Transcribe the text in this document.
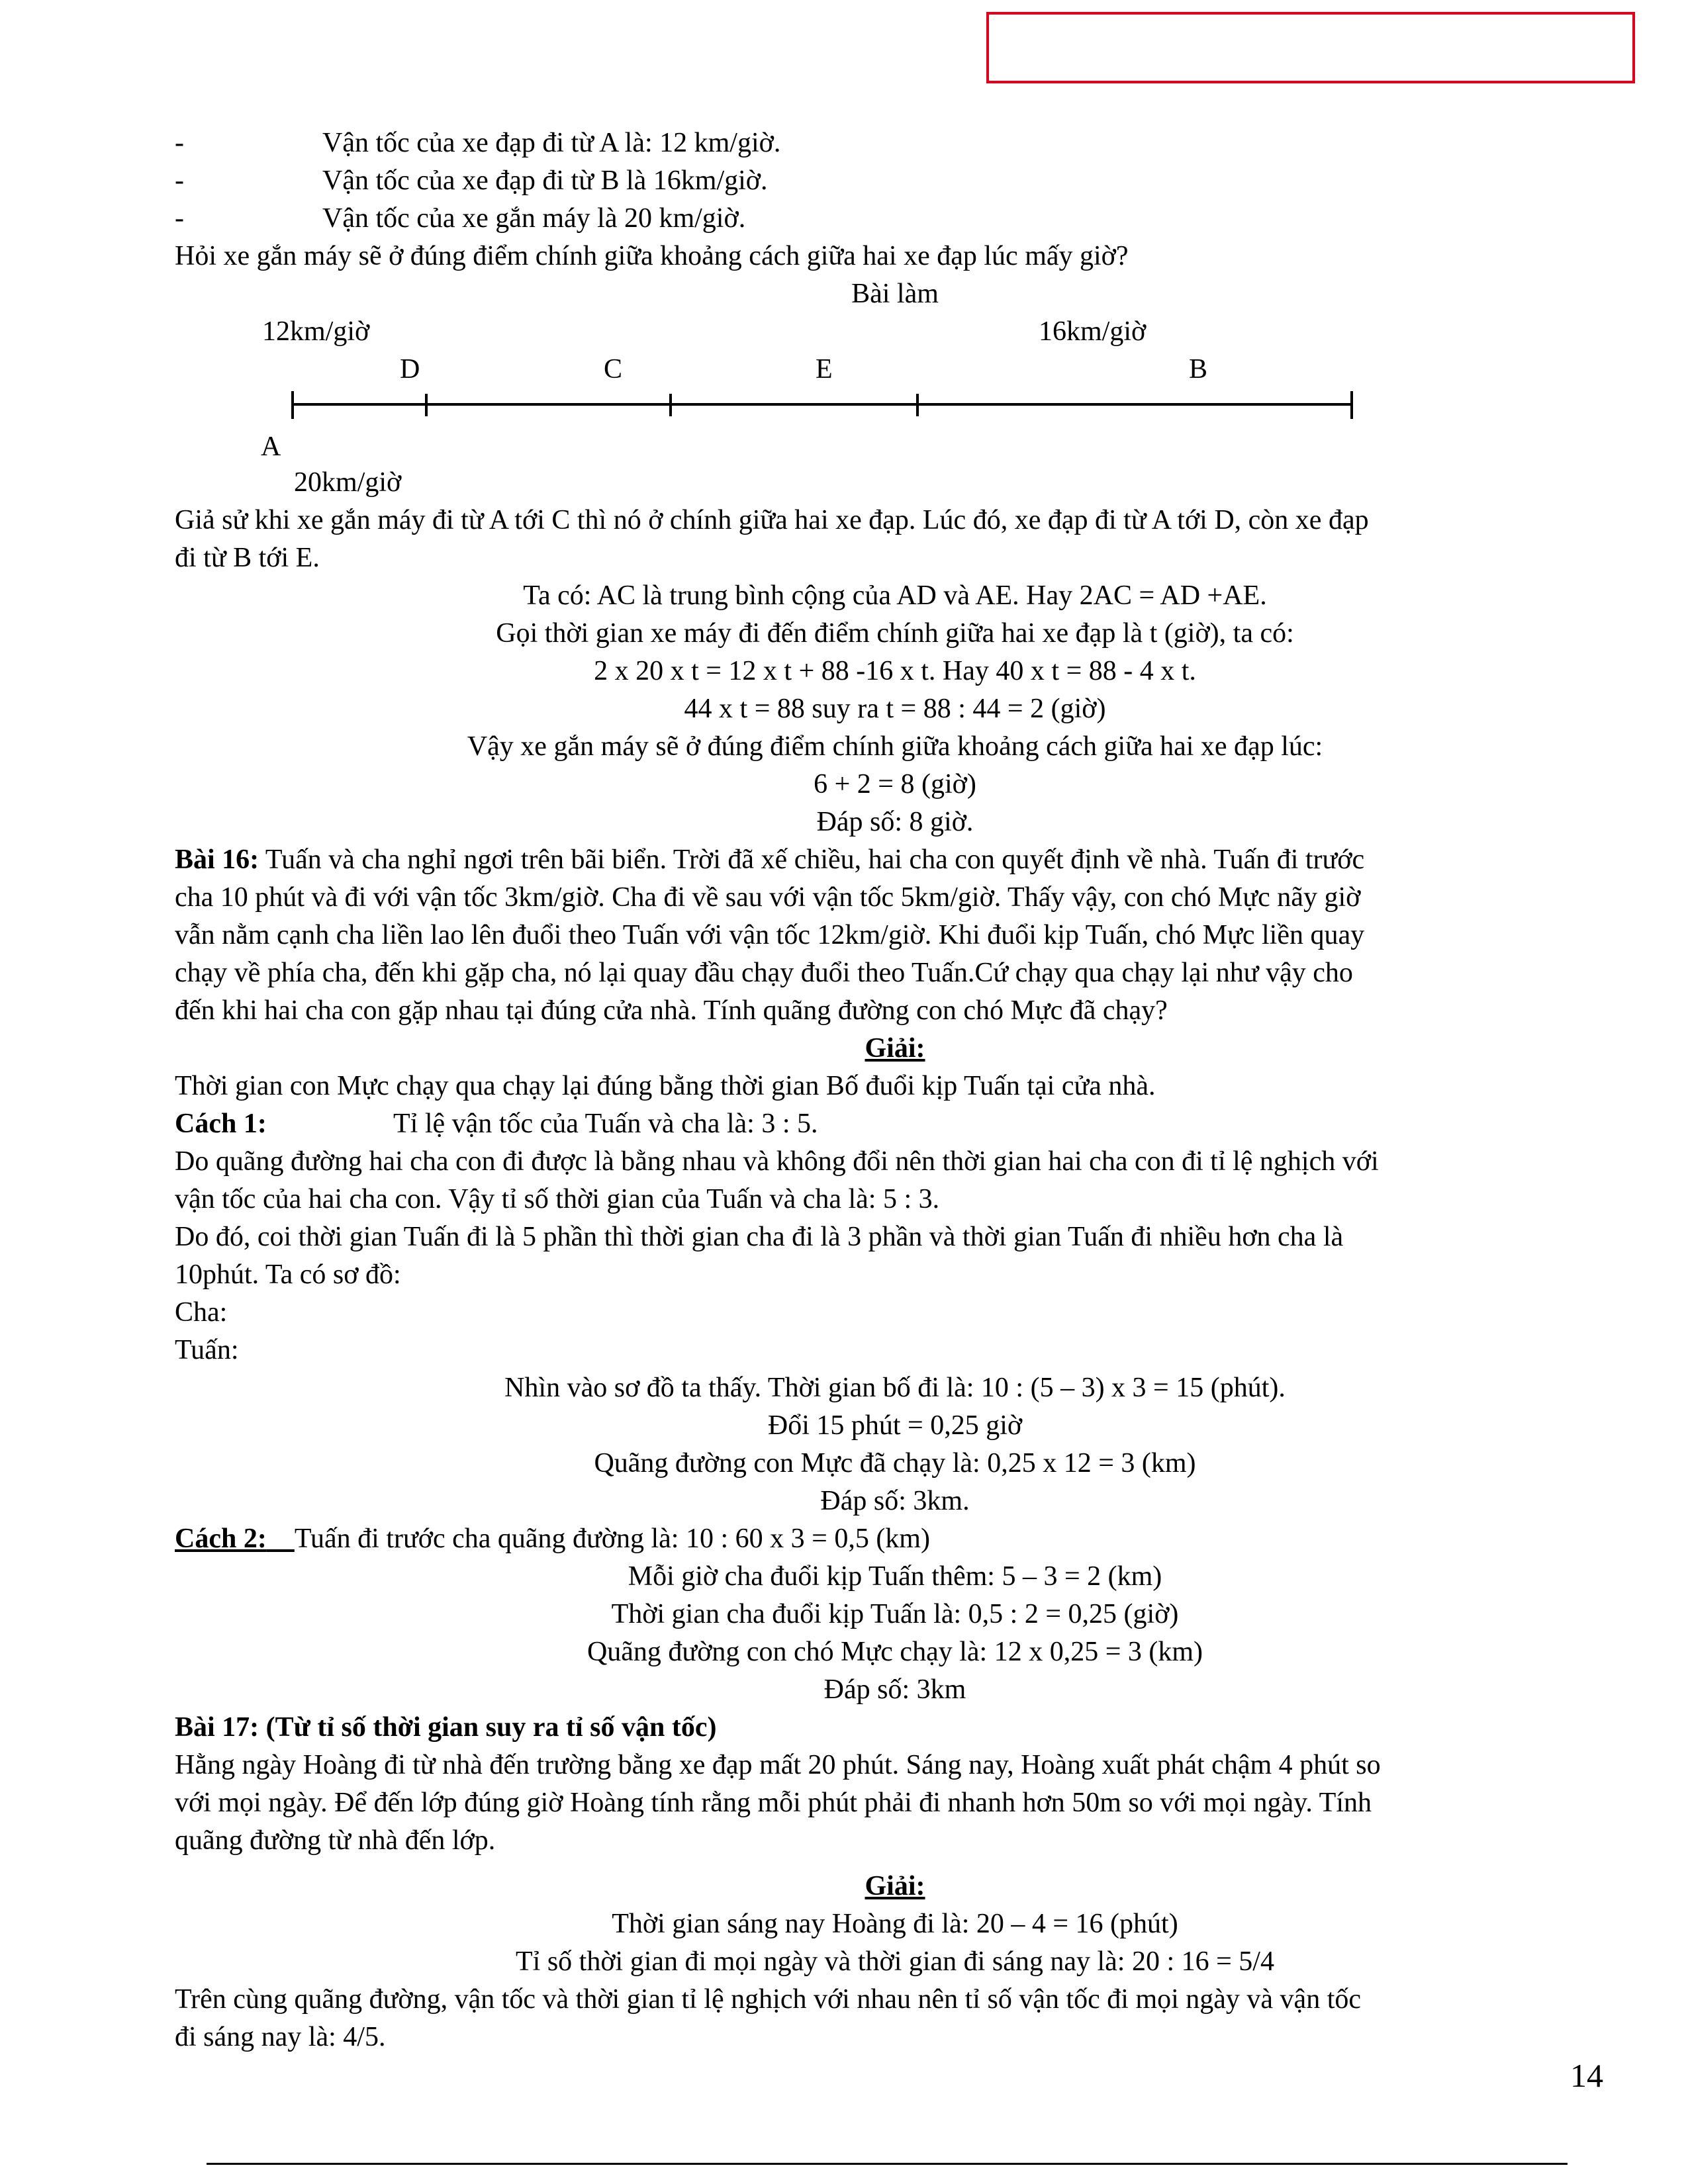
-	Vận tốc của xe đạp đi từ A là: 12 km/giờ.
-	Vận tốc của xe đạp đi từ B là 16km/giờ.
-	Vận tốc của xe gắn máy là 20 km/giờ.
Hỏi xe gắn máy sẽ ở đúng điểm chính giữa khoảng cách giữa hai xe đạp lúc mấy giờ?
Bài làm
12km/giờ	16km/giờ
D	C	E	B
A
20km/giờ
Giả sử khi xe gắn máy đi từ A tới C thì nó ở chính giữa hai xe đạp. Lúc đó, xe đạp đi từ A tới D, còn xe đạp
đi từ B tới E.
Ta có: AC là trung bình cộng của AD và AE. Hay 2AC = AD +AE.
Gọi thời gian xe máy đi đến điểm chính giữa hai xe đạp là t (giờ), ta có:
2 x 20 x t = 12 x t + 88 -16 x t. Hay 40 x t = 88 - 4 x t.
44 x t = 88 suy ra t = 88 : 44 = 2 (giờ)
Vậy xe gắn máy sẽ ở đúng điểm chính giữa khoảng cách giữa hai xe đạp lúc:
6 + 2 = 8 (giờ)
Đáp số: 8 giờ.
Bài 16: Tuấn và cha nghỉ ngơi trên bãi biển. Trời đã xế chiều, hai cha con quyết định về nhà. Tuấn đi trước
cha 10 phút và đi với vận tốc 3km/giờ. Cha đi về sau với vận tốc 5km/giờ. Thấy vậy, con chó Mực nãy giờ
vẫn nằm cạnh cha liền lao lên đuổi theo Tuấn với vận tốc 12km/giờ. Khi đuổi kịp Tuấn, chó Mực liền quay
chạy về phía cha, đến khi gặp cha, nó lại quay đầu chạy đuổi theo Tuấn.Cứ chạy qua chạy lại như vậy cho
đến khi hai cha con gặp nhau tại đúng cửa nhà. Tính quãng đường con chó Mực đã chạy?
Giải:
Thời gian con Mực chạy qua chạy lại đúng bằng thời gian Bố đuổi kịp Tuấn tại cửa nhà.
Cách 1:	Tỉ lệ vận tốc của Tuấn và cha là: 3 : 5.
Do quãng đường hai cha con đi được là bằng nhau và không đổi nên thời gian hai cha con đi tỉ lệ nghịch với
vận tốc của hai cha con. Vậy tỉ số thời gian của Tuấn và cha là: 5 : 3.
Do đó, coi thời gian Tuấn đi là 5 phần thì thời gian cha đi là 3 phần và thời gian Tuấn đi nhiều hơn cha là
10phút. Ta có sơ đồ:
Cha:
Tuấn:
Nhìn vào sơ đồ ta thấy. Thời gian bố đi là: 10 : (5 – 3) x 3 = 15 (phút).
Đổi 15 phút = 0,25 giờ
Quãng đường con Mực đã chạy là: 0,25 x 12 = 3 (km)
Đáp số: 3km.
Cách 2: Tuấn đi trước cha quãng đường là: 10 : 60 x 3 = 0,5 (km)
Mỗi giờ cha đuổi kịp Tuấn thêm: 5 – 3 = 2 (km)
Thời gian cha đuổi kịp Tuấn là: 0,5 : 2 = 0,25 (giờ)
Quãng đường con chó Mực chạy là: 12 x 0,25 = 3 (km)
Đáp số: 3km
Bài 17: (Từ tỉ số thời gian suy ra tỉ số vận tốc)
Hằng ngày Hoàng đi từ nhà đến trường bằng xe đạp mất 20 phút. Sáng nay, Hoàng xuất phát chậm 4 phút so
với mọi ngày. Để đến lớp đúng giờ Hoàng tính rằng mỗi phút phải đi nhanh hơn 50m so với mọi ngày. Tính
quãng đường từ nhà đến lớp.
Giải:
Thời gian sáng nay Hoàng đi là: 20 – 4 = 16 (phút)
Tỉ số thời gian đi mọi ngày và thời gian đi sáng nay là: 20 : 16 = 5/4
Trên cùng quãng đường, vận tốc và thời gian tỉ lệ nghịch với nhau nên tỉ số vận tốc đi mọi ngày và vận tốc
đi sáng nay là: 4/5.
14
